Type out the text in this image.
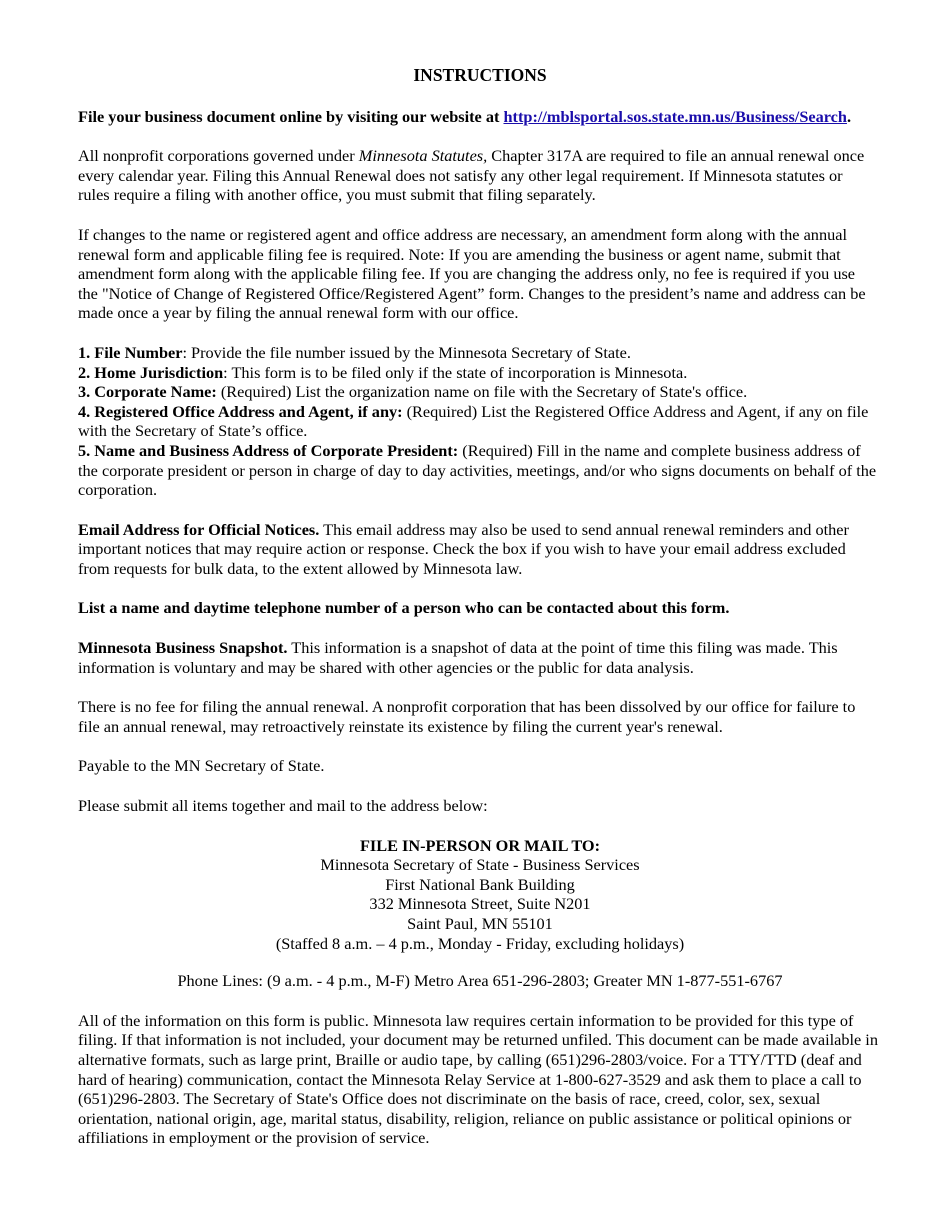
INSTRUCTIONS

File your business document online by visiting our website at http://mblsportal.sos.state.mn.us/Business/Search.

All nonprofit corporations governed under Minnesota Statutes, Chapter 317A are required to file an annual renewal once every calendar year. Filing this Annual Renewal does not satisfy any other legal requirement. If Minnesota statutes or rules require a filing with another office, you must submit that filing separately.

If changes to the name or registered agent and office address are necessary, an amendment form along with the annual renewal form and applicable filing fee is required. Note: If you are amending the business or agent name, submit that amendment form along with the applicable filing fee. If you are changing the address only, no fee is required if you use the "Notice of Change of Registered Office/Registered Agent” form. Changes to the president’s name and address can be made once a year by filing the annual renewal form with our office.

1. File Number: Provide the file number issued by the Minnesota Secretary of State.

2. Home Jurisdiction: This form is to be filed only if the state of incorporation is Minnesota.

3. Corporate Name: (Required) List the organization name on file with the Secretary of State's office.

4. Registered Office Address and Agent, if any: (Required) List the Registered Office Address and Agent, if any on file with the Secretary of State’s office.

5. Name and Business Address of Corporate President: (Required) Fill in the name and complete business address of the corporate president or person in charge of day to day activities, meetings, and/or who signs documents on behalf of the corporation.

Email Address for Official Notices. This email address may also be used to send annual renewal reminders and other important notices that may require action or response. Check the box if you wish to have your email address excluded from requests for bulk data, to the extent allowed by Minnesota law.

List a name and daytime telephone number of a person who can be contacted about this form.

Minnesota Business Snapshot. This information is a snapshot of data at the point of time this filing was made. This information is voluntary and may be shared with other agencies or the public for data analysis.

There is no fee for filing the annual renewal. A nonprofit corporation that has been dissolved by our office for failure to file an annual renewal, may retroactively reinstate its existence by filing the current year's renewal.

Payable to the MN Secretary of State.

Please submit all items together and mail to the address below:

FILE IN-PERSON OR MAIL TO:
Minnesota Secretary of State - Business Services
First National Bank Building
332 Minnesota Street, Suite N201
Saint Paul, MN 55101
(Staffed 8 a.m. – 4 p.m., Monday - Friday, excluding holidays)

Phone Lines: (9 a.m. - 4 p.m., M-F) Metro Area 651-296-2803; Greater MN 1-877-551-6767

All of the information on this form is public. Minnesota law requires certain information to be provided for this type of filing. If that information is not included, your document may be returned unfiled. This document can be made available in alternative formats, such as large print, Braille or audio tape, by calling (651)296-2803/voice. For a TTY/TTD (deaf and hard of hearing) communication, contact the Minnesota Relay Service at 1-800-627-3529 and ask them to place a call to (651)296-2803. The Secretary of State's Office does not discriminate on the basis of race, creed, color, sex, sexual orientation, national origin, age, marital status, disability, religion, reliance on public assistance or political opinions or affiliations in employment or the provision of service.
